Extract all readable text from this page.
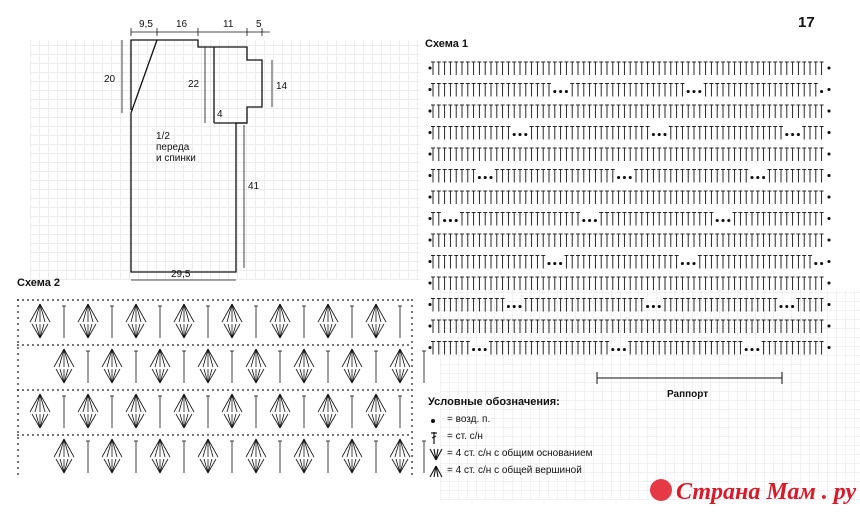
17
9,5 16	11 5
20	22	14
4
41
29,5
1/2
переда
и спинки
Схема 1
Раппорт
Схема 2
Условные обозначения:
= возд. п.
= ст. с/н
= 4 ст. с/н с общим основанием
= 4 ст. с/н с общей вершиной
Страна Мам . ру
